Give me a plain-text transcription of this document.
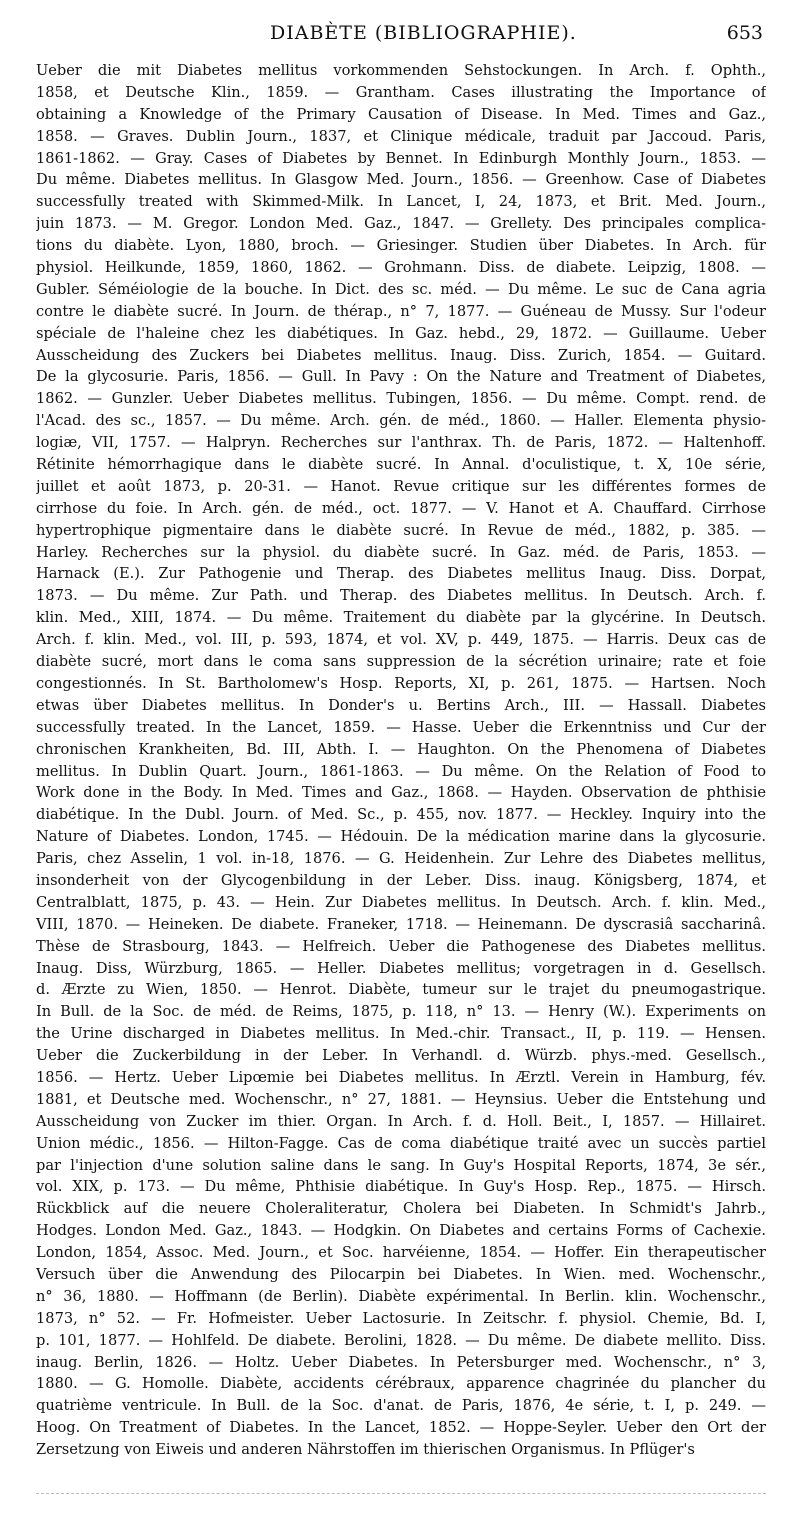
DIABÈTE (BIBLIOGRAPHIE).	653
Ueber die mit Diabetes mellitus vorkommenden Sehstockungen. In Arch. f. Ophth.,
1858, et Deutsche Klin., 1859. — Grantham. Cases illustrating the Importance of
obtaining a Knowledge of the Primary Causation of Disease. In Med. Times and Gaz.,
1858. — Graves. Dublin Journ., 1837, et Clinique médicale, traduit par Jaccoud. Paris,
1861-1862. — Gray. Cases of Diabetes by Bennet. In Edinburgh Monthly Journ., 1853. —
Du même. Diabetes mellitus. In Glasgow Med. Journ., 1856. — Greenhow. Case of Diabetes
successfully treated with Skimmed-Milk. In Lancet, I, 24, 1873, et Brit. Med. Journ.,
juin 1873. — M. Gregor. London Med. Gaz., 1847. — Grellety. Des principales complica-
tions du diabète. Lyon, 1880, broch. — Griesinger. Studien über Diabetes. In Arch. für
physiol. Heilkunde, 1859, 1860, 1862. — Grohmann. Diss. de diabete. Leipzig, 1808. —
Gubler. Séméiologie de la bouche. In Dict. des sc. méd. — Du même. Le suc de Cana agria
contre le diabète sucré. In Journ. de thérap., n° 7, 1877. — Guéneau de Mussy. Sur l'odeur
spéciale de l'haleine chez les diabétiques. In Gaz. hebd., 29, 1872. — Guillaume. Ueber
Ausscheidung des Zuckers bei Diabetes mellitus. Inaug. Diss. Zurich, 1854. — Guitard.
De la glycosurie. Paris, 1856. — Gull. In Pavy : On the Nature and Treatment of Diabetes,
1862. — Gunzler. Ueber Diabetes mellitus. Tubingen, 1856. — Du même. Compt. rend. de
l'Acad. des sc., 1857. — Du même. Arch. gén. de méd., 1860. — Haller. Elementa physio-
logiæ, VII, 1757. — Halpryn. Recherches sur l'anthrax. Th. de Paris, 1872. — Haltenhoff.
Rétinite hémorrhagique dans le diabète sucré. In Annal. d'oculistique, t. X, 10e série,
juillet et août 1873, p. 20-31. — Hanot. Revue critique sur les différentes formes de
cirrhose du foie. In Arch. gén. de méd., oct. 1877. — V. Hanot et A. Chauffard. Cirrhose
hypertrophique pigmentaire dans le diabète sucré. In Revue de méd., 1882, p. 385. —
Harley. Recherches sur la physiol. du diabète sucré. In Gaz. méd. de Paris, 1853. —
Harnack (E.). Zur Pathogenie und Therap. des Diabetes mellitus Inaug. Diss. Dorpat,
1873. — Du même. Zur Path. und Therap. des Diabetes mellitus. In Deutsch. Arch. f.
klin. Med., XIII, 1874. — Du même. Traitement du diabète par la glycérine. In Deutsch.
Arch. f. klin. Med., vol. III, p. 593, 1874, et vol. XV, p. 449, 1875. — Harris. Deux cas de
diabète sucré, mort dans le coma sans suppression de la sécrétion urinaire; rate et foie
congestionnés. In St. Bartholomew's Hosp. Reports, XI, p. 261, 1875. — Hartsen. Noch
etwas über Diabetes mellitus. In Donder's u. Bertins Arch., III. — Hassall. Diabetes
successfully treated. In the Lancet, 1859. — Hasse. Ueber die Erkenntniss und Cur der
chronischen Krankheiten, Bd. III, Abth. I. — Haughton. On the Phenomena of Diabetes
mellitus. In Dublin Quart. Journ., 1861-1863. — Du même. On the Relation of Food to
Work done in the Body. In Med. Times and Gaz., 1868. — Hayden. Observation de phthisie
diabétique. In the Dubl. Journ. of Med. Sc., p. 455, nov. 1877. — Heckley. Inquiry into the
Nature of Diabetes. London, 1745. — Hédouin. De la médication marine dans la glycosurie.
Paris, chez Asselin, 1 vol. in-18, 1876. — G. Heidenhein. Zur Lehre des Diabetes mellitus,
insonderheit von der Glycogenbildung in der Leber. Diss. inaug. Königsberg, 1874, et
Centralblatt, 1875, p. 43. — Hein. Zur Diabetes mellitus. In Deutsch. Arch. f. klin. Med.,
VIII, 1870. — Heineken. De diabete. Franeker, 1718. — Heinemann. De dyscrasiâ saccharinâ.
Thèse de Strasbourg, 1843. — Helfreich. Ueber die Pathogenese des Diabetes mellitus.
Inaug. Diss, Würzburg, 1865. — Heller. Diabetes mellitus; vorgetragen in d. Gesellsch.
d. Ærzte zu Wien, 1850. — Henrot. Diabète, tumeur sur le trajet du pneumogastrique.
In Bull. de la Soc. de méd. de Reims, 1875, p. 118, n° 13. — Henry (W.). Experiments on
the Urine discharged in Diabetes mellitus. In Med.-chir. Transact., II, p. 119. — Hensen.
Ueber die Zuckerbildung in der Leber. In Verhandl. d. Würzb. phys.-med. Gesellsch.,
1856. — Hertz. Ueber Lipœmie bei Diabetes mellitus. In Ærztl. Verein in Hamburg, fév.
1881, et Deutsche med. Wochenschr., n° 27, 1881. — Heynsius. Ueber die Entstehung und
Ausscheidung von Zucker im thier. Organ. In Arch. f. d. Holl. Beit., I, 1857. — Hillairet.
Union médic., 1856. — Hilton-Fagge. Cas de coma diabétique traité avec un succès partiel
par l'injection d'une solution saline dans le sang. In Guy's Hospital Reports, 1874, 3e sér.,
vol. XIX, p. 173. — Du même, Phthisie diabétique. In Guy's Hosp. Rep., 1875. — Hirsch.
Rückblick auf die neuere Choleraliteratur, Cholera bei Diabeten. In Schmidt's Jahrb.,
Hodges. London Med. Gaz., 1843. — Hodgkin. On Diabetes and certains Forms of Cachexie.
London, 1854, Assoc. Med. Journ., et Soc. harvéienne, 1854. — Hoffer. Ein therapeutischer
Versuch über die Anwendung des Pilocarpin bei Diabetes. In Wien. med. Wochenschr.,
n° 36, 1880. — Hoffmann (de Berlin). Diabète expérimental. In Berlin. klin. Wochenschr.,
1873, n° 52. — Fr. Hofmeister. Ueber Lactosurie. In Zeitschr. f. physiol. Chemie, Bd. I,
p. 101, 1877. — Hohlfeld. De diabete. Berolini, 1828. — Du même. De diabete mellito. Diss.
inaug. Berlin, 1826. — Holtz. Ueber Diabetes. In Petersburger med. Wochenschr., n° 3,
1880. — G. Homolle. Diabète, accidents cérébraux, apparence chagrinée du plancher du
quatrième ventricule. In Bull. de la Soc. d'anat. de Paris, 1876, 4e série, t. I, p. 249. —
Hoog. On Treatment of Diabetes. In the Lancet, 1852. — Hoppe-Seyler. Ueber den Ort der
Zersetzung von Eiweis und anderen Nährstoffen im thierischen Organismus. In Pflüger's
